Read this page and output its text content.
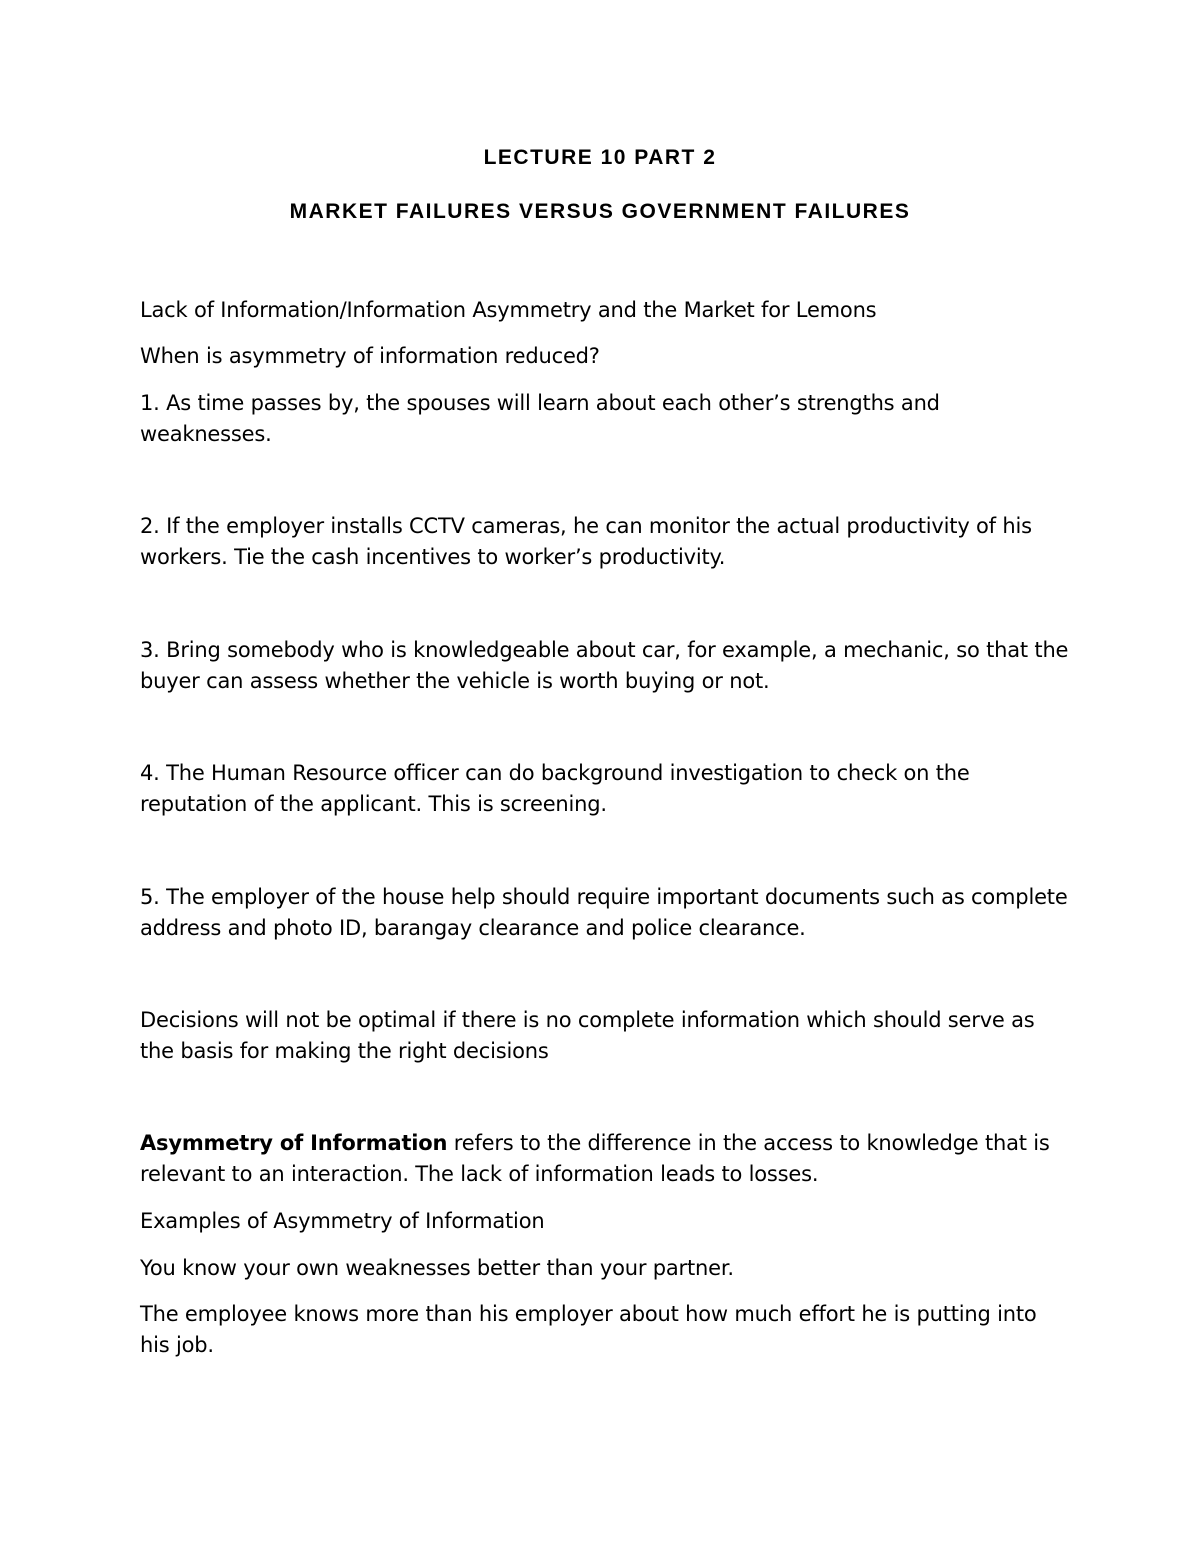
LECTURE 10 PART 2
MARKET FAILURES VERSUS GOVERNMENT FAILURES

Lack of Information/Information Asymmetry and the Market for Lemons

When is asymmetry of information reduced?

1. As time passes by, the spouses will learn about each other’s strengths and weaknesses.

2. If the employer installs CCTV cameras, he can monitor the actual productivity of his workers. Tie the cash incentives to worker’s productivity.

3. Bring somebody who is knowledgeable about car, for example, a mechanic, so that the buyer can assess whether the vehicle is worth buying or not.

4. The Human Resource officer can do background investigation to check on the reputation of the applicant. This is screening.

5. The employer of the house help should require important documents such as complete address and photo ID, barangay clearance and police clearance.

Decisions will not be optimal if there is no complete information which should serve as the basis for making the right decisions

Asymmetry of Information refers to the difference in the access to knowledge that is relevant to an interaction. The lack of information leads to losses.

Examples of Asymmetry of Information

You know your own weaknesses better than your partner.

The employee knows more than his employer about how much effort he is putting into his job.
